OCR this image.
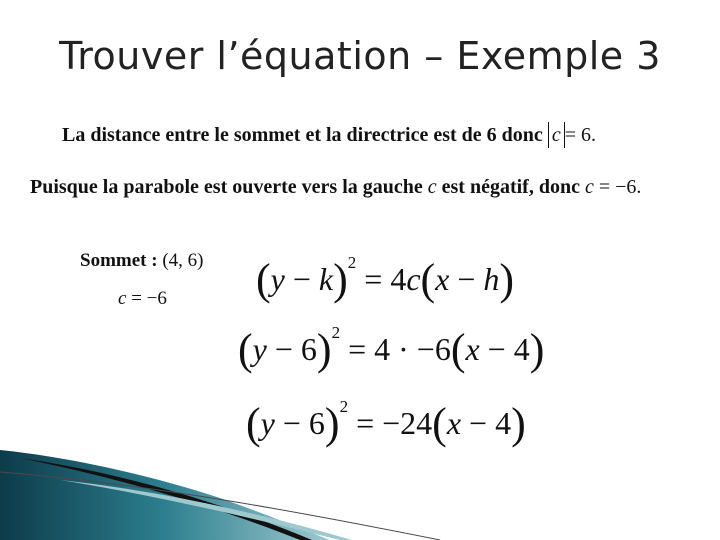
Trouver l’équation – Exemple 3
La distance entre le sommet et la directrice est de 6 donc c = 6.
Puisque la parabole est ouverte vers la gauche c est négatif, donc c = −6.
Sommet : (4, 6)
c = −6 $(y - k)^2 = 4c(x - h)$
$(y - 6)^2 = 4 \cdot -6(x - 4)$
$(y - 6)^2 = -24(x - 4)$
